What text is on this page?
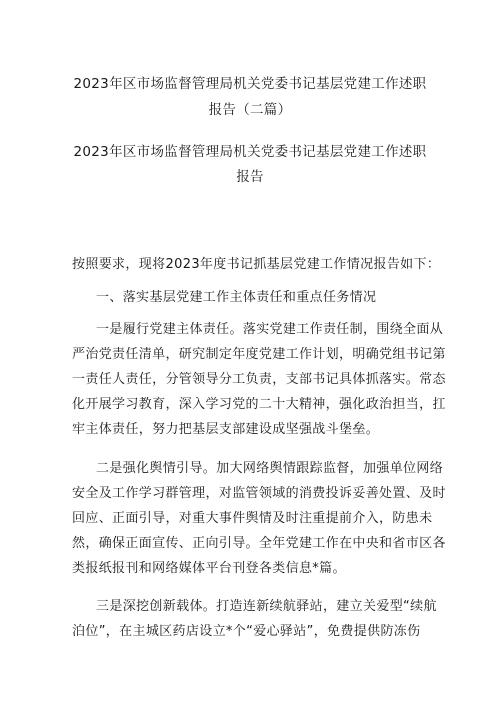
2023年区市场监督管理局机关党委书记基层党建工作述职
报告（二篇）
2023年区市场监督管理局机关党委书记基层党建工作述职
报告
按照要求，现将2023年度书记抓基层党建工作情况报告如下：
一、落实基层党建工作主体责任和重点任务情况
一是履行党建主体责任。落实党建工作责任制，围绕全面从
严治党责任清单，研究制定年度党建工作计划，明确党组书记第
一责任人责任，分管领导分工负责，支部书记具体抓落实。常态
化开展学习教育，深入学习党的二十大精神，强化政治担当，扛
牢主体责任，努力把基层支部建设成坚强战斗堡垒。
二是强化舆情引导。加大网络舆情跟踪监督，加强单位网络
安全及工作学习群管理，对监管领域的消费投诉妥善处置、及时
回应、正面引导，对重大事件舆情及时注重提前介入，防患未
然，确保正面宣传、正向引导。全年党建工作在中央和省市区各
类报纸报刊和网络媒体平台刊登各类信息*篇。
三是深挖创新载体。打造连新续航驿站，建立关爱型“续航
泊位”，在主城区药店设立*个“爱心驿站”，免费提供防冻伤
